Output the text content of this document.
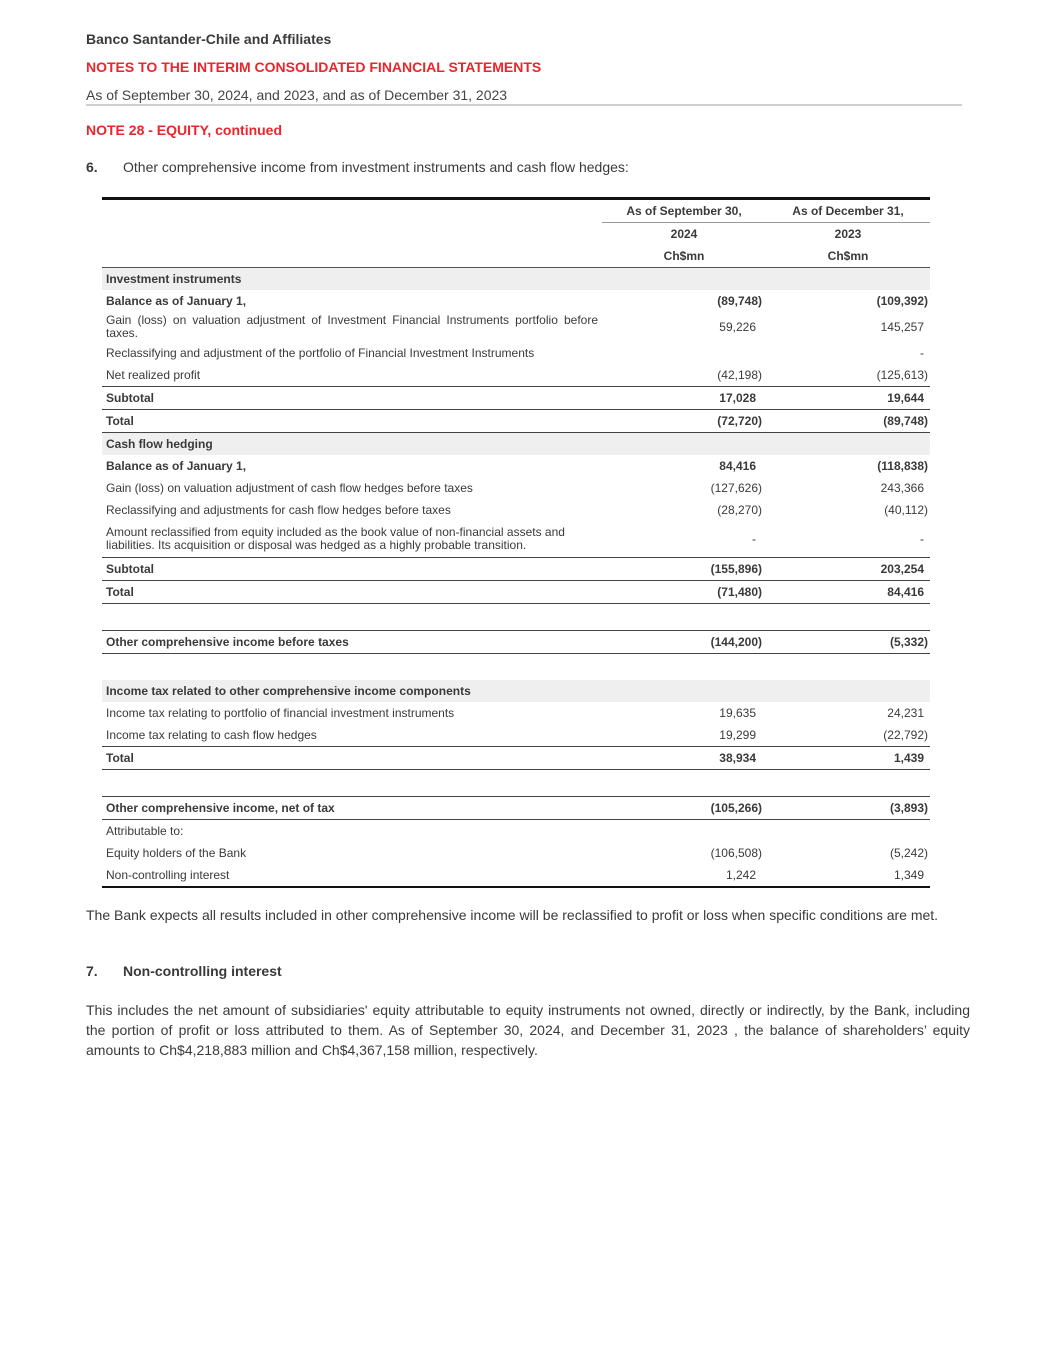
Banco Santander-Chile and Affiliates
NOTES TO THE INTERIM CONSOLIDATED FINANCIAL STATEMENTS
As of September 30, 2024, and 2023, and as of December 31, 2023
NOTE 28 - EQUITY, continued
6. Other comprehensive income from investment instruments and cash flow hedges:
	As of September 30,	As of December 31,
	2024	2023
	Ch$mn	Ch$mn
Investment instruments		
Balance as of January 1,	(89,748)	(109,392)
Gain (loss) on valuation adjustment of Investment Financial Instruments portfolio before taxes.	59,226	145,257
Reclassifying and adjustment of the portfolio of Financial Investment Instruments		-
Net realized profit	(42,198)	(125,613)
Subtotal	17,028	19,644
Total	(72,720)	(89,748)
Cash flow hedging		
Balance as of January 1,	84,416	(118,838)
Gain (loss) on valuation adjustment of cash flow hedges before taxes	(127,626)	243,366
Reclassifying and adjustments for cash flow hedges before taxes	(28,270)	(40,112)
Amount reclassified from equity included as the book value of non-financial assets and liabilities. Its acquisition or disposal was hedged as a highly probable transition.	-	-
Subtotal	(155,896)	203,254
Total	(71,480)	84,416

Other comprehensive income before taxes	(144,200)	(5,332)

Income tax related to other comprehensive income components		
Income tax relating to portfolio of financial investment instruments	19,635	24,231
Income tax relating to cash flow hedges	19,299	(22,792)
Total	38,934	1,439

Other comprehensive income, net of tax	(105,266)	(3,893)
Attributable to:		
Equity holders of the Bank	(106,508)	(5,242)
Non-controlling interest	1,242	1,349
The Bank expects all results included in other comprehensive income will be reclassified to profit or loss when specific conditions are met.
7. Non-controlling interest
This includes the net amount of subsidiaries' equity attributable to equity instruments not owned, directly or indirectly, by the Bank, including the portion of profit or loss attributed to them. As of September 30, 2024, and December 31, 2023 , the balance of shareholders’ equity amounts to Ch$4,218,883 million and Ch$4,367,158 million, respectively.
